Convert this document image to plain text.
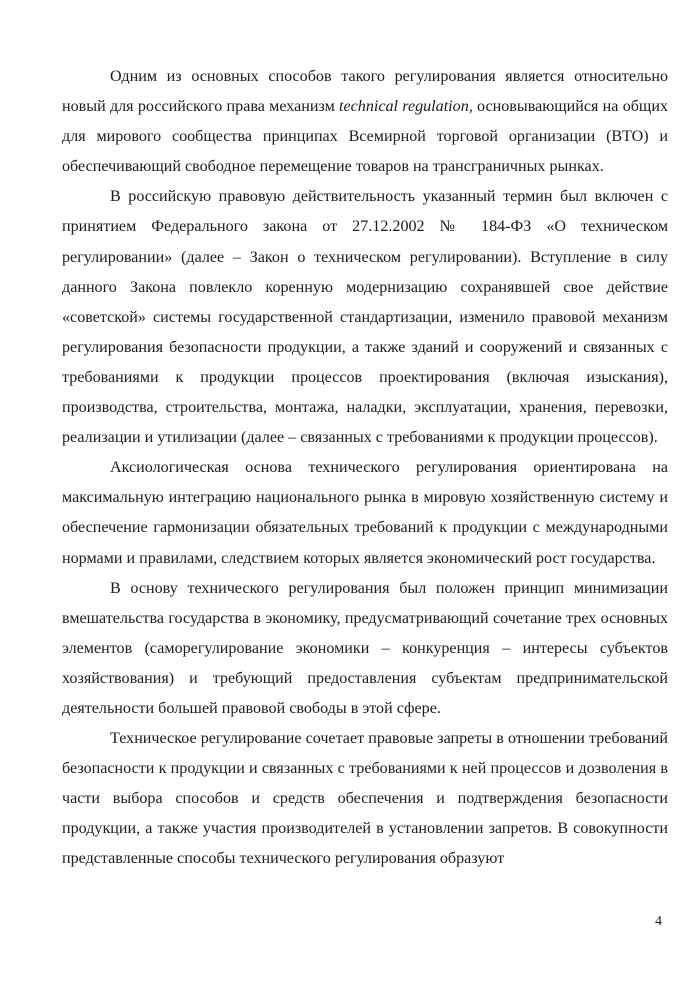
Одним из основных способов такого регулирования является относительно новый для российского права механизм technical regulation, основывающийся на общих для мирового сообщества принципах Всемирной торговой организации (ВТО) и обеспечивающий свободное перемещение товаров на трансграничных рынках.

В российскую правовую действительность указанный термин был включен с принятием Федерального закона от 27.12.2002 № 184-ФЗ «О техническом регулировании» (далее – Закон о техническом регулировании). Вступление в силу данного Закона повлекло коренную модернизацию сохранявшей свое действие «советской» системы государственной стандартизации, изменило правовой механизм регулирования безопасности продукции, а также зданий и сооружений и связанных с требованиями к продукции процессов проектирования (включая изыскания), производства, строительства, монтажа, наладки, эксплуатации, хранения, перевозки, реализации и утилизации (далее – связанных с требованиями к продукции процессов).

Аксиологическая основа технического регулирования ориентирована на максимальную интеграцию национального рынка в мировую хозяйственную систему и обеспечение гармонизации обязательных требований к продукции с международными нормами и правилами, следствием которых является экономический рост государства.

В основу технического регулирования был положен принцип минимизации вмешательства государства в экономику, предусматривающий сочетание трех основных элементов (саморегулирование экономики – конкуренция – интересы субъектов хозяйствования) и требующий предоставления субъектам предпринимательской деятельности большей правовой свободы в этой сфере.

Техническое регулирование сочетает правовые запреты в отношении требований безопасности к продукции и связанных с требованиями к ней процессов и дозволения в части выбора способов и средств обеспечения и подтверждения безопасности продукции, а также участия производителей в установлении запретов. В совокупности представленные способы технического регулирования образуют

4
